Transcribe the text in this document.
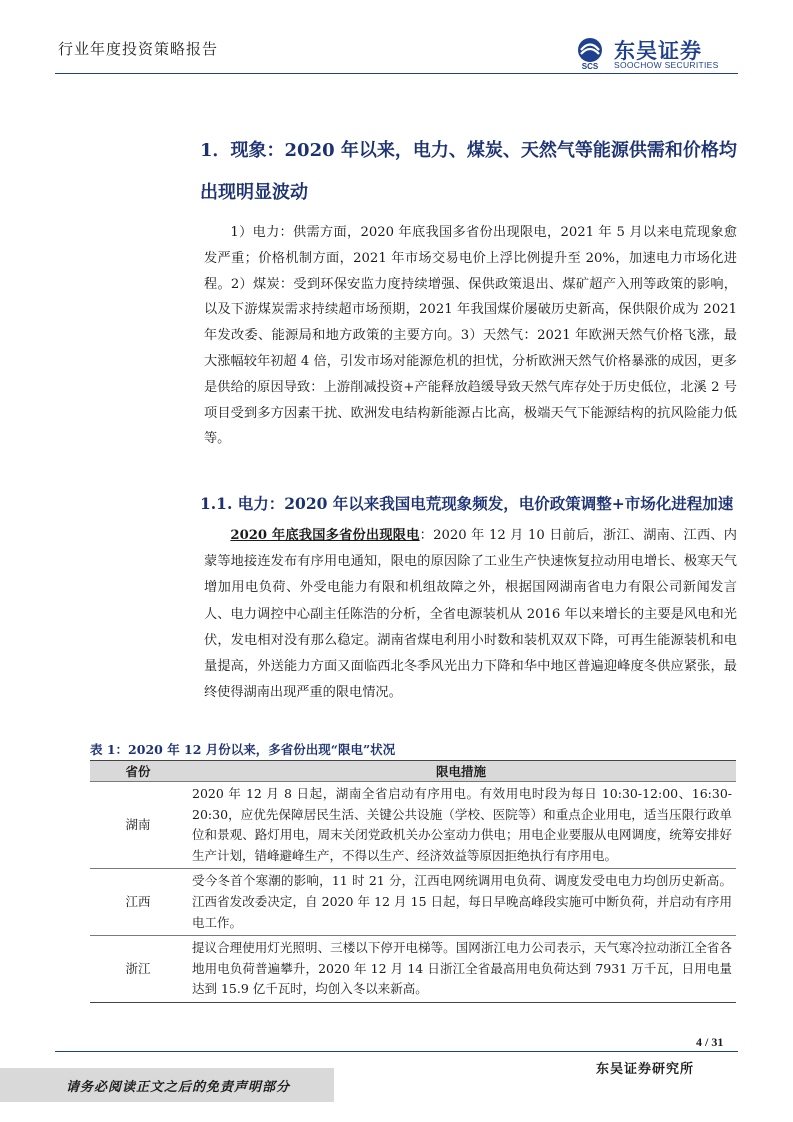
行业年度投资策略报告
SCS
东吴证券
SOOCHOW SECURITIES
1．现象：2020 年以来，电力、煤炭、天然气等能源供需和价格均出现明显波动
1）电力：供需方面，2020 年底我国多省份出现限电，2021 年 5 月以来电荒现象愈发严重；价格机制方面，2021 年市场交易电价上浮比例提升至 20%，加速电力市场化进程。2）煤炭：受到环保安监力度持续增强、保供政策退出、煤矿超产入刑等政策的影响，以及下游煤炭需求持续超市场预期，2021 年我国煤价屡破历史新高，保供限价成为 2021 年发改委、能源局和地方政策的主要方向。3）天然气：2021 年欧洲天然气价格飞涨，最大涨幅较年初超 4 倍，引发市场对能源危机的担忧，分析欧洲天然气价格暴涨的成因，更多是供给的原因导致：上游削减投资+产能释放趋缓导致天然气库存处于历史低位，北溪 2 号项目受到多方因素干扰、欧洲发电结构新能源占比高，极端天气下能源结构的抗风险能力低等。
1.1. 电力：2020 年以来我国电荒现象频发，电价政策调整+市场化进程加速
2020 年底我国多省份出现限电：2020 年 12 月 10 日前后，浙江、湖南、江西、内蒙等地接连发布有序用电通知，限电的原因除了工业生产快速恢复拉动用电增长、极寒天气增加用电负荷、外受电能力有限和机组故障之外，根据国网湖南省电力有限公司新闻发言人、电力调控中心副主任陈浩的分析，全省电源装机从 2016 年以来增长的主要是风电和光伏，发电相对没有那么稳定。湖南省煤电利用小时数和装机双双下降，可再生能源装机和电量提高，外送能力方面又面临西北冬季风光出力下降和华中地区普遍迎峰度冬供应紧张，最终使得湖南出现严重的限电情况。
表 1：2020 年 12 月份以来，多省份出现“限电”状况
省份	限电措施
湖南	2020 年 12 月 8 日起，湖南全省启动有序用电。有效用电时段为每日 10:30-12:00、16:30-20:30，应优先保障居民生活、关键公共设施（学校、医院等）和重点企业用电，适当压限行政单位和景观、路灯用电，周末关闭党政机关办公室动力供电；用电企业要服从电网调度，统筹安排好生产计划，错峰避峰生产，不得以生产、经济效益等原因拒绝执行有序用电。
江西	受今冬首个寒潮的影响，11 时 21 分，江西电网统调用电负荷、调度发受电电力均创历史新高。江西省发改委决定，自 2020 年 12 月 15 日起，每日早晚高峰段实施可中断负荷，并启动有序用电工作。
浙江	提议合理使用灯光照明、三楼以下停开电梯等。国网浙江电力公司表示，天气寒冷拉动浙江全省各地用电负荷普遍攀升，2020 年 12 月 14 日浙江全省最高用电负荷达到 7931 万千瓦，日用电量达到 15.9 亿千瓦时，均创入冬以来新高。
4 / 31
东吴证券研究所
请务必阅读正文之后的免责声明部分
